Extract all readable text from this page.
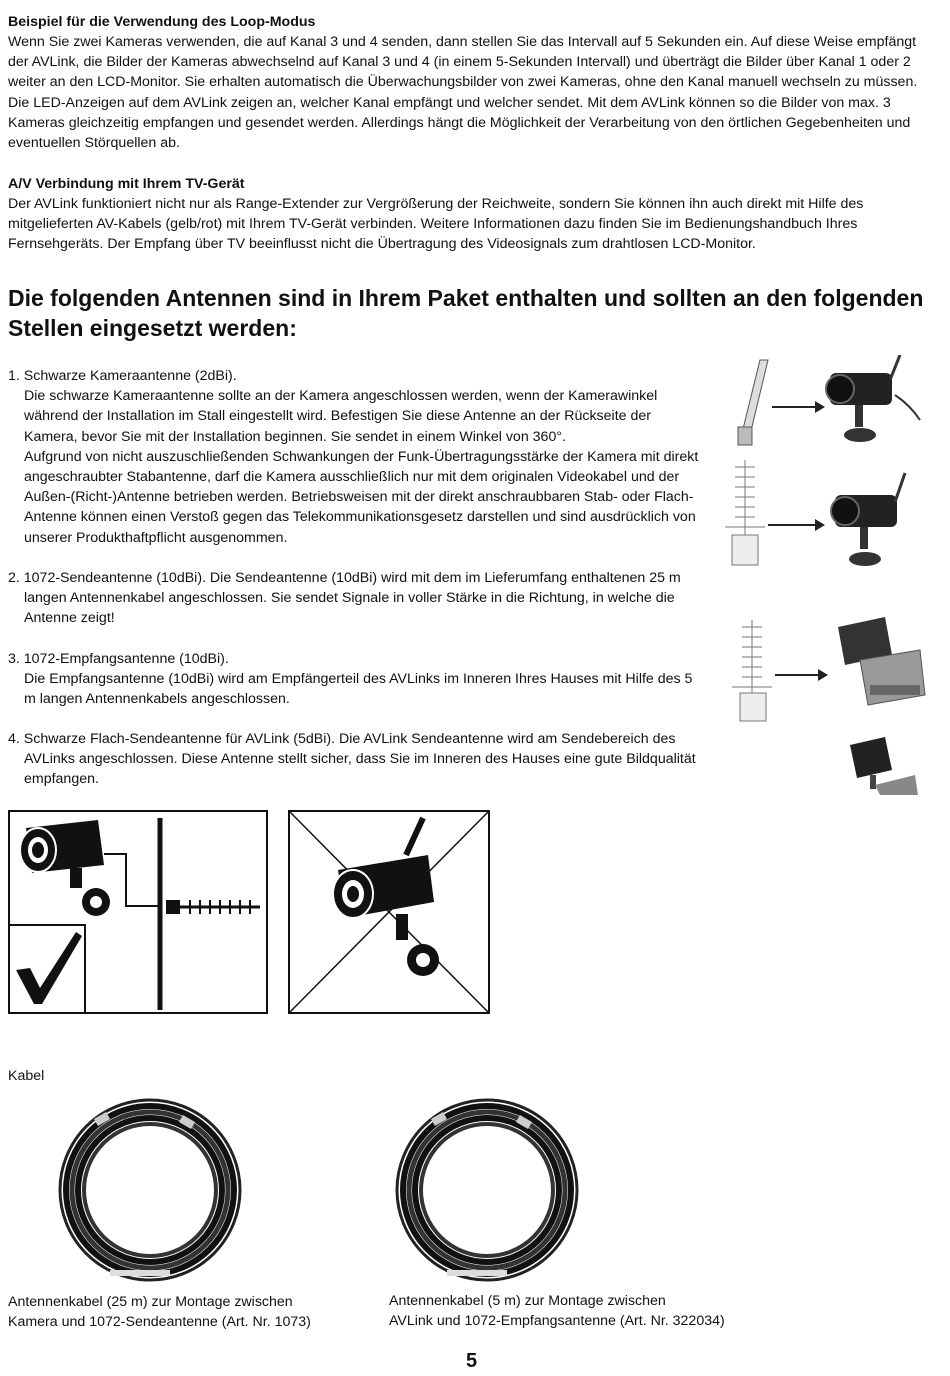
Beispiel für die Verwendung des Loop-Modus
Wenn Sie zwei Kameras verwenden, die auf Kanal 3 und 4 senden, dann stellen Sie das Intervall auf 5 Sekunden ein. Auf diese Weise empfängt der AVLink, die Bilder der Kameras abwechselnd auf Kanal 3 und 4 (in einem 5-Sekunden Intervall) und überträgt die Bilder über Kanal 1 oder 2 weiter an den LCD-Monitor. Sie erhalten automatisch die Überwachungsbilder von zwei Kameras, ohne den Kanal manuell wechseln zu müssen. Die LED-Anzeigen auf dem AVLink zeigen an, welcher Kanal empfängt und welcher sendet. Mit dem AVLink können so die Bilder von max. 3 Kameras gleichzeitig empfangen und gesendet werden. Allerdings hängt die Möglichkeit der Verarbeitung von den örtlichen Gegebenheiten und eventuellen Störquellen ab.
A/V Verbindung mit Ihrem TV-Gerät
Der AVLink funktioniert nicht nur als Range-Extender zur Vergrößerung der Reichweite, sondern Sie können ihn auch direkt mit Hilfe des mitgelieferten AV-Kabels (gelb/rot) mit Ihrem TV-Gerät verbinden. Weitere Informationen dazu finden Sie im Bedienungshandbuch Ihres Fernsehgeräts. Der Empfang über TV beeinflusst nicht die Übertragung des Videosignals zum drahtlosen LCD-Monitor.
Die folgenden Antennen sind in Ihrem Paket enthalten und sollten an den folgenden Stellen eingesetzt werden:
1. Schwarze Kameraantenne (2dBi).
Die schwarze Kameraantenne sollte an der Kamera angeschlossen werden, wenn der Kamerawinkel während der Installation im Stall eingestellt wird. Befestigen Sie diese Antenne an der Rückseite der Kamera, bevor Sie mit der Installation beginnen. Sie sendet in einem Winkel von 360°.
Aufgrund von nicht auszuschließenden Schwankungen der Funk-Übertragungsstärke der Kamera mit direkt angeschraubter Stabantenne, darf die Kamera ausschließlich nur mit dem originalen Videokabel und der Außen-(Richt-)Antenne betrieben werden. Betriebsweisen mit der direkt anschraubbaren Stab- oder Flach-Antenne können einen Verstoß gegen das Telekommunikationsgesetz darstellen und sind ausdrücklich von unserer Produkthaftpflicht ausgenommen.
2. 1072-Sendeantenne (10dBi). Die Sendeantenne (10dBi) wird mit dem im Lieferumfang enthaltenen 25 m
langen Antennenkabel angeschlossen. Sie sendet Signale in voller Stärke in die Richtung, in welche die Antenne zeigt!
3. 1072-Empfangsantenne (10dBi).
Die Empfangsantenne (10dBi) wird am Empfängerteil des AVLinks im Inneren Ihres Hauses mit Hilfe des 5 m langen Antennenkabels angeschlossen.
4. Schwarze Flach-Sendeantenne für AVLink (5dBi). Die AVLink Sendeantenne wird am Sendebereich des
AVLinks angeschlossen. Diese Antenne stellt sicher, dass Sie im Inneren des Hauses eine gute Bildqualität empfangen.
Kabel
Antennenkabel (25 m) zur Montage zwischen
Kamera und 1072-Sendeantenne (Art. Nr. 1073)
Antennenkabel (5 m) zur Montage zwischen
AVLink und 1072-Empfangsantenne (Art. Nr. 322034)
5
